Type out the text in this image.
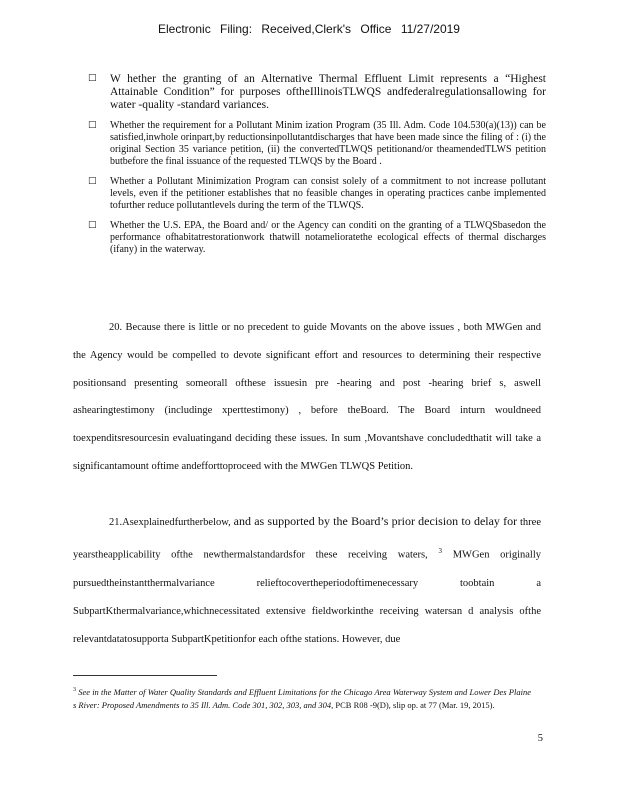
Electronic Filing: Received,Clerk's Office 11/27/2019
□ W hether the granting of an Alternative Thermal Effluent Limit represents a “Highest Attainable Condition” for purposes oftheIllinoisTLWQS andfederalregulationsallowing for water -quality -standard variances.
□ Whether the requirement for a Pollutant Minim ization Program (35 Ill. Adm. Code 104.530(a)(13)) can be satisfied,inwhole orinpart,by reductionsinpollutantdischarges that have been made since the filing of : (i) the original Section 35 variance petition, (ii) the convertedTLWQS petitionand/or theamendedTLWS petition butbefore the final issuance of the requested TLWQS by the Board .
□ Whether a Pollutant Minimization Program can consist solely of a commitment to not increase pollutant levels, even if the petitioner establishes that no feasible changes in operating practices canbe implemented tofurther reduce pollutantlevels during the term of the TLWQS.
□ Whether the U.S. EPA, the Board and/ or the Agency can conditi on the granting of a TLWQSbasedon the performance ofhabitatrestorationwork thatwill notamelioratethe ecological effects of thermal discharges (ifany) in the waterway.

20. Because there is little or no precedent to guide Movants on the above issues , both MWGen and the Agency would be compelled to devote significant effort and resources to determining their respective positionsand presenting someorall ofthese issuesin pre -hearing and post -hearing brief s, aswell ashearingtestimony (includinge xperttestimony) , before theBoard. The Board inturn wouldneed toexpenditsresourcesin evaluatingand deciding these issues. In sum ,Movantshave concludedthatit will take a significantamount oftime andefforttoproceed with the MWGen TLWQS Petition.

21.Asexplainedfurtherbelow, and as supported by the Board’s prior decision to delay for three yearstheapplicability ofthe newthermalstandardsfor these receiving waters, $^3$ MWGen originally pursuedtheinstantthermalvariance relieftocovertheperiodoftimenecessary toobtain a SubpartKthermalvariance,whichnecessitated extensive fieldworkinthe receiving watersan d analysis ofthe relevantdatatosupporta SubpartKpetitionfor each ofthe stations. However, due

$^3$ See in the Matter of Water Quality Standards and Effluent Limitations for the Chicago Area Waterway System and Lower Des Plaine s River: Proposed Amendments to 35 Ill. Adm. Code 301, 302, 303, and 304, PCB R08 -9(D), slip op. at 77 (Mar. 19, 2015).
5
